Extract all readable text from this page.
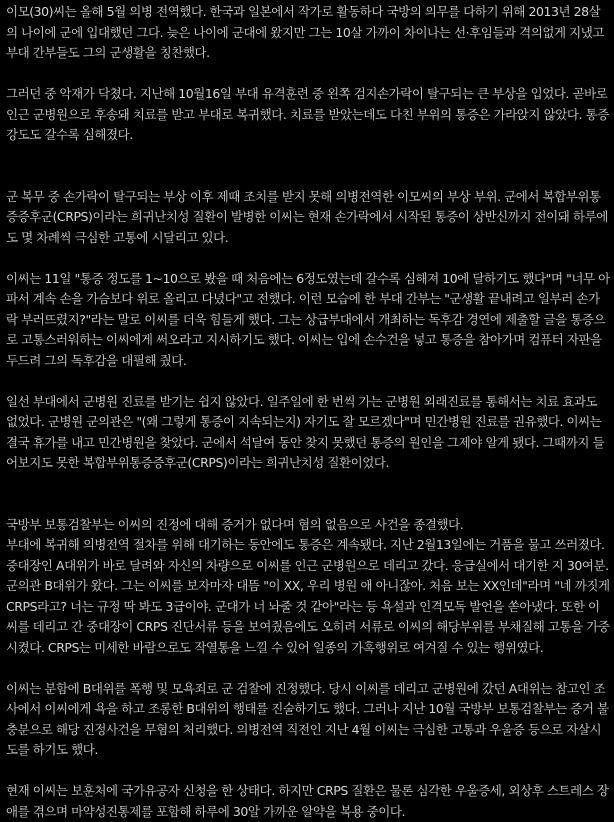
이모(30)씨는 올해 5월 의병 전역했다. 한국과 일본에서 작가로 활동하다 국방의 의무를 다하기 위해 2013년 28살의 나이에 군에 입대했던 그다. 늦은 나이에 군대에 왔지만 그는 10살 가까이 차이나는 선·후임들과 격의없게 지냈고 부대 간부들도 그의 군생활을 칭찬했다.

그러던 중 악재가 닥쳤다. 지난해 10월16일 부대 유격훈련 중 왼쪽 검지손가락이 탈구되는 큰 부상을 입었다. 곧바로 인근 군병원으로 후송돼 치료를 받고 부대로 복귀했다. 치료를 받았는데도 다친 부위의 통증은 가라앉지 않았다. 통증 강도도 갈수록 심해졌다.

군 복무 중 손가락이 탈구되는 부상 이후 제때 조치를 받지 못해 의병전역한 이모씨의 부상 부위. 군에서 복합부위통증증후군(CRPS)이라는 희귀난치성 질환이 발병한 이씨는 현재 손가락에서 시작된 통증이 상반신까지 전이돼 하루에도 몇 차례씩 극심한 고통에 시달리고 있다.

이씨는 11일 "통증 정도를 1~10으로 봤을 때 처음에는 6정도였는데 갈수록 심해져 10에 달하기도 했다"며 "너무 아파서 계속 손을 가슴보다 위로 올리고 다녔다"고 전했다. 이런 모습에 한 부대 간부는 "군생활 끝내려고 일부러 손가락 부러뜨렸지?"라는 말로 이씨를 더욱 힘들게 했다. 그는 상급부대에서 개최하는 독후감 경연에 제출할 글을 통증으로 고통스러워하는 이씨에게 써오라고 지시하기도 했다. 이씨는 입에 손수건을 넣고 통증을 참아가며 컴퓨터 자판을 두드려 그의 독후감을 대필해 줬다.

일선 부대에서 군병원 진료를 받기는 쉽지 않았다. 일주일에 한 번씩 가는 군병원 외래진료를 통해서는 치료 효과도 없었다. 군병원 군의관은 "(왜 그렇게 통증이 지속되는지) 자기도 잘 모르겠다"며 민간병원 진료를 권유했다. 이씨는 결국 휴가를 내고 민간병원을 찾았다. 군에서 석달여 동안 찾지 못했던 통증의 원인을 그제야 알게 됐다. 그때까지 들어보지도 못한 복합부위통증증후군(CRPS)이라는 희귀난치성 질환이었다.

국방부 보통검찰부는 이씨의 진정에 대해 증거가 없다며 혐의 없음으로 사건을 종결했다.

부대에 복귀해 의병전역 절차를 위해 대기하는 동안에도 통증은 계속됐다. 지난 2월13일에는 거품을 물고 쓰러졌다. 중대장인 A대위가 바로 달려와 자신의 차량으로 이씨를 인근 군병원으로 데리고 갔다. 응급실에서 대기한 지 30여분. 군의관 B대위가 왔다. 그는 이씨를 보자마자 대뜸 "이 XX, 우리 병원 애 아니잖아. 처음 보는 XX인데"라며 "네 까짓게 CRPS라고? 너는 규정 딱 봐도 3급이야. 군대가 너 놔줄 것 같아"라는 등 욕설과 인격모독 발언을 쏟아냈다. 또한 이씨를 데리고 간 중대장이 CRPS 진단서류 등을 보여줬음에도 오히려 서류로 이씨의 해당부위를 부채질해 고통을 가중시켰다. CRPS는 미세한 바람으로도 작열통을 느낄 수 있어 일종의 가혹행위로 여겨질 수 있는 행위였다.

이씨는 분함에 B대위를 폭행 및 모욕죄로 군 검찰에 진정했다. 당시 이씨를 데리고 군병원에 갔던 A대위는 참고인 조사에서 이씨에게 욕을 하고 조롱한 B대위의 행태를 진술하기도 했다. 그러나 지난 10월 국방부 보통검찰부는 증거 불충분으로 해당 진정사건을 무혐의 처리했다. 의병전역 직전인 지난 4월 이씨는 극심한 고통과 우울증 등으로 자살시도를 하기도 했다.

현재 이씨는 보훈처에 국가유공자 신청을 한 상태다. 하지만 CRPS 질환은 물론 심각한 우울증세, 외상후 스트레스 장애를 겪으며 마약성진통제를 포함해 하루에 30알 가까운 알약을 복용 중이다.
